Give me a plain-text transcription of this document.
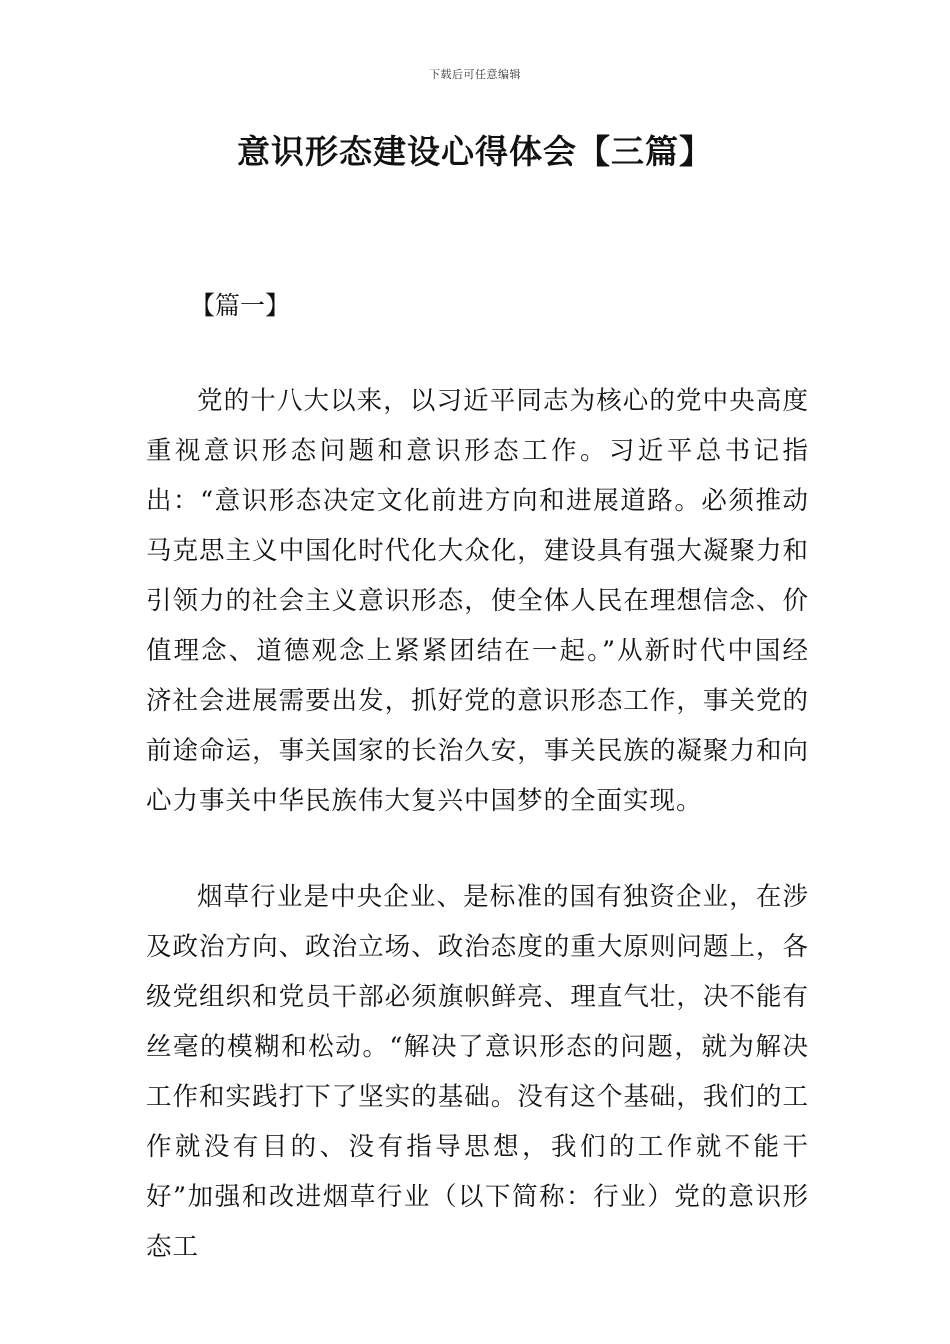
下载后可任意编辑
意识形态建设心得体会【三篇】
【篇一】

党的十八大以来，以习近平同志为核心的党中央高度重视意识形态问题和意识形态工作。习近平总书记指出：“意识形态决定文化前进方向和进展道路。必须推动马克思主义中国化时代化大众化，建设具有强大凝聚力和引领力的社会主义意识形态，使全体人民在理想信念、价值理念、道德观念上紧紧团结在一起。”从新时代中国经济社会进展需要出发，抓好党的意识形态工作，事关党的前途命运，事关国家的长治久安，事关民族的凝聚力和向心力事关中华民族伟大复兴中国梦的全面实现。

烟草行业是中央企业、是标准的国有独资企业，在涉及政治方向、政治立场、政治态度的重大原则问题上，各级党组织和党员干部必须旗帜鲜亮、理直气壮，决不能有丝毫的模糊和松动。“解决了意识形态的问题，就为解决工作和实践打下了坚实的基础。没有这个基础，我们的工作就没有目的、没有指导思想，我们的工作就不能干好”加强和改进烟草行业（以下简称：行业）党的意识形态工
